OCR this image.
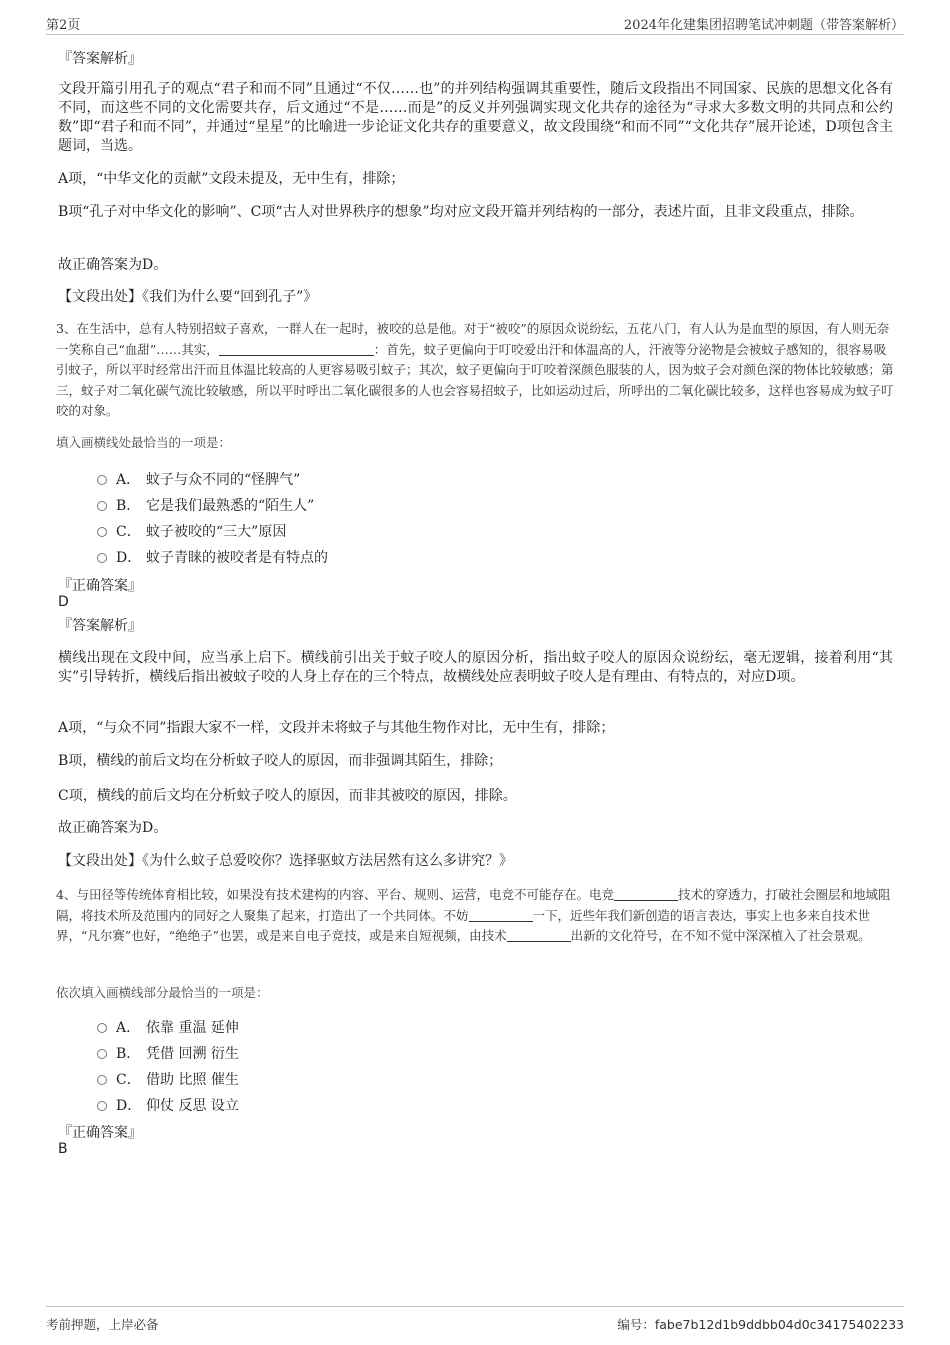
第2页	2024年化建集团招聘笔试冲刺题（带答案解析）
『答案解析』
文段开篇引用孔子的观点“君子和而不同”且通过“不仅……也”的并列结构强调其重要性，随后文段指出不同国家、民族的思想文化各有不同，而这些不同的文化需要共存，后文通过“不是……而是”的反义并列强调实现文化共存的途径为“寻求大多数文明的共同点和公约数”即“君子和而不同”，并通过“星星”的比喻进一步论证文化共存的重要意义，故文段围绕“和而不同”“文化共存”展开论述，D项包含主题词，当选。
A项，“中华文化的贡献”文段未提及，无中生有，排除；
B项“孔子对中华文化的影响”、C项“古人对世界秩序的想象”均对应文段开篇并列结构的一部分，表述片面，且非文段重点，排除。
故正确答案为D。
【文段出处】《我们为什么要“回到孔子”》
3、在生活中，总有人特别招蚊子喜欢，一群人在一起时，被咬的总是他。对于“被咬”的原因众说纷纭，五花八门，有人认为是血型的原因，有人则无奈一笑称自己“血甜”……其实，	：首先，蚊子更偏向于叮咬爱出汗和体温高的人，汗液等分泌物是会被蚊子感知的，很容易吸引蚊子，所以平时经常出汗而且体温比较高的人更容易吸引蚊子；其次，蚊子更偏向于叮咬着深颜色服装的人，因为蚊子会对颜色深的物体比较敏感；第三，蚊子对二氧化碳气流比较敏感，所以平时呼出二氧化碳很多的人也会容易招蚊子，比如运动过后，所呼出的二氧化碳比较多，这样也容易成为蚊子叮咬的对象。
填入画横线处最恰当的一项是：
A． 蚊子与众不同的“怪脾气”
B． 它是我们最熟悉的“陌生人”
C． 蚊子被咬的“三大”原因
D． 蚊子青睐的被咬者是有特点的
『正确答案』
D
『答案解析』
横线出现在文段中间，应当承上启下。横线前引出关于蚊子咬人的原因分析，指出蚊子咬人的原因众说纷纭，毫无逻辑，接着利用“其实”引导转折，横线后指出被蚊子咬的人身上存在的三个特点，故横线处应表明蚊子咬人是有理由、有特点的，对应D项。
A项，“与众不同”指跟大家不一样，文段并未将蚊子与其他生物作对比，无中生有，排除；
B项，横线的前后文均在分析蚊子咬人的原因，而非强调其陌生，排除；
C项，横线的前后文均在分析蚊子咬人的原因，而非其被咬的原因，排除。
故正确答案为D。
【文段出处】《为什么蚊子总爱咬你？选择驱蚊方法居然有这么多讲究？》
4、与田径等传统体育相比较，如果没有技术建构的内容、平台、规则、运营，电竞不可能存在。电竞	技术的穿透力，打破社会圈层和地域阻隔，将技术所及范围内的同好之人聚集了起来，打造出了一个共同体。不妨	一下，近些年我们新创造的语言表达，事实上也多来自技术世界，“凡尔赛”也好，“绝绝子”也罢，或是来自电子竞技，或是来自短视频，由技术	出新的文化符号，在不知不觉中深深植入了社会景观。
依次填入画横线部分最恰当的一项是：
A． 依靠 重温 延伸
B． 凭借 回溯 衍生
C． 借助 比照 催生
D． 仰仗 反思 设立
『正确答案』
B
考前押题，上岸必备	编号：fabe7b12d1b9ddbb04d0c34175402233
